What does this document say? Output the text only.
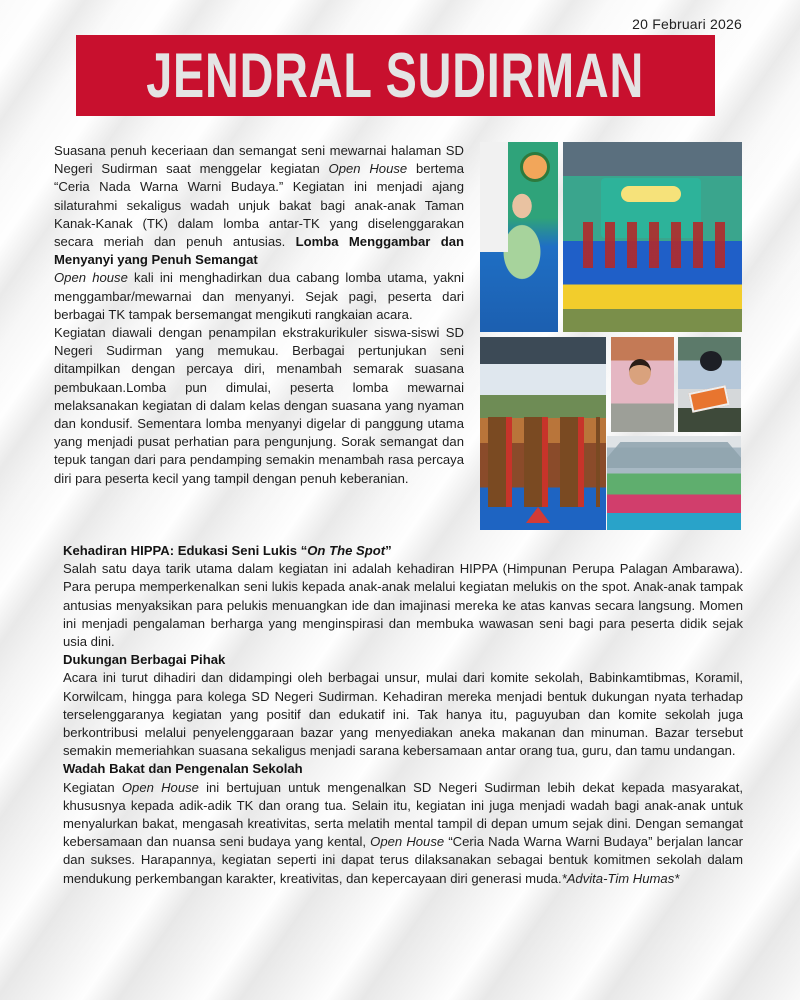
20 Februari 2026
JENDRAL SUDIRMAN

Suasana penuh keceriaan dan semangat seni mewarnai halaman SD Negeri Sudirman saat menggelar kegiatan Open House bertema “Ceria Nada Warna Warni Budaya.” Kegiatan ini menjadi ajang silaturahmi sekaligus wadah unjuk bakat bagi anak-anak Taman Kanak-Kanak (TK) dalam lomba antar-TK yang diselenggarakan secara meriah dan penuh antusias. Lomba Menggambar dan Menyanyi yang Penuh Semangat

Open house kali ini menghadirkan dua cabang lomba utama, yakni menggambar/mewarnai dan menyanyi. Sejak pagi, peserta dari berbagai TK tampak bersemangat mengikuti rangkaian acara.

Kegiatan diawali dengan penampilan ekstrakurikuler siswa-siswi SD Negeri Sudirman yang memukau. Berbagai pertunjukan seni ditampilkan dengan percaya diri, menambah semarak suasana pembukaan.Lomba pun dimulai, peserta lomba mewarnai melaksanakan kegiatan di dalam kelas dengan suasana yang nyaman dan kondusif. Sementara lomba menyanyi digelar di panggung utama yang menjadi pusat perhatian para pengunjung. Sorak semangat dan tepuk tangan dari para pendamping semakin menambah rasa percaya diri para peserta kecil yang tampil dengan penuh keberanian.

Kehadiran HIPPA: Edukasi Seni Lukis “On The Spot”
Salah satu daya tarik utama dalam kegiatan ini adalah kehadiran HIPPA (Himpunan Perupa Palagan Ambarawa). Para perupa memperkenalkan seni lukis kepada anak-anak melalui kegiatan melukis on the spot. Anak-anak tampak antusias menyaksikan para pelukis menuangkan ide dan imajinasi mereka ke atas kanvas secara langsung. Momen ini menjadi pengalaman berharga yang menginspirasi dan membuka wawasan seni bagi para peserta didik sejak usia dini.
Dukungan Berbagai Pihak
Acara ini turut dihadiri dan didampingi oleh berbagai unsur, mulai dari komite sekolah, Babinkamtibmas, Koramil, Korwilcam, hingga para kolega SD Negeri Sudirman. Kehadiran mereka menjadi bentuk dukungan nyata terhadap terselenggaranya kegiatan yang positif dan edukatif ini. Tak hanya itu, paguyuban dan komite sekolah juga berkontribusi melalui penyelenggaraan bazar yang menyediakan aneka makanan dan minuman. Bazar tersebut semakin memeriahkan suasana sekaligus menjadi sarana kebersamaan antar orang tua, guru, dan tamu undangan.
Wadah Bakat dan Pengenalan Sekolah
Kegiatan Open House ini bertujuan untuk mengenalkan SD Negeri Sudirman lebih dekat kepada masyarakat, khususnya kepada adik-adik TK dan orang tua. Selain itu, kegiatan ini juga menjadi wadah bagi anak-anak untuk menyalurkan bakat, mengasah kreativitas, serta melatih mental tampil di depan umum sejak dini. Dengan semangat kebersamaan dan nuansa seni budaya yang kental, Open House “Ceria Nada Warna Warni Budaya” berjalan lancar dan sukses. Harapannya, kegiatan seperti ini dapat terus dilaksanakan sebagai bentuk komitmen sekolah dalam mendukung perkembangan karakter, kreativitas, dan kepercayaan diri generasi muda.*Advita-Tim Humas*
